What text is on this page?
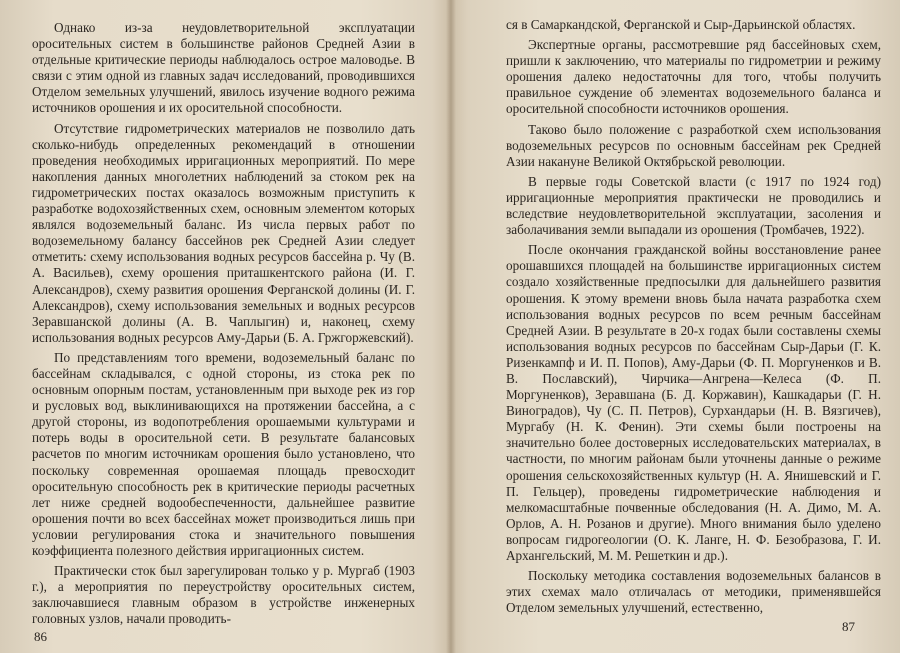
Однако из-за неудовлетворительной эксплуатации оросительных систем в большинстве районов Средней Азии в отдельные критические периоды наблюдалось острое маловодье. В связи с этим одной из главных задач исследований, проводившихся Отделом земельных улучшений, явилось изучение водного режима источников орошения и их оросительной способности.

Отсутствие гидрометрических материалов не позволило дать сколько-нибудь определенных рекомендаций в отношении проведения необходимых ирригационных мероприятий. По мере накопления данных многолетних наблюдений за стоком рек на гидрометрических постах оказалось возможным приступить к разработке водохозяйственных схем, основным элементом которых являлся водоземельный баланс. Из числа первых работ по водоземельному балансу бассейнов рек Средней Азии следует отметить: схему использования водных ресурсов бассейна р. Чу (В. А. Васильев), схему орошения приташкентского района (И. Г. Александров), схему развития орошения Ферганской долины (И. Г. Александров), схему использования земельных и водных ресурсов Зеравшанской долины (А. В. Чаплыгин) и, наконец, схему использования водных ресурсов Аму-Дарьи (Б. А. Гржгоржевский).

По представлениям того времени, водоземельный баланс по бассейнам складывался, с одной стороны, из стока рек по основным опорным постам, установленным при выходе рек из гор и русловых вод, выклинивающихся на протяжении бассейна, а с другой стороны, из водопотребления орошаемыми культурами и потерь воды в оросительной сети. В результате балансовых расчетов по многим источникам орошения было установлено, что поскольку современная орошаемая площадь превосходит оросительную способность рек в критические периоды расчетных лет ниже средней водообеспеченности, дальнейшее развитие орошения почти во всех бассейнах может производиться лишь при условии регулирования стока и значительного повышения коэффициента полезного действия ирригационных систем.

Практически сток был зарегулирован только у р. Мургаб (1903 г.), а мероприятия по переустройству оросительных систем, заключавшиеся главным образом в устройстве инженерных головных узлов, начали проводить-

86

ся в Самаркандской, Ферганской и Сыр-Дарьинской областях.

Экспертные органы, рассмотревшие ряд бассейновых схем, пришли к заключению, что материалы по гидрометрии и режиму орошения далеко недостаточны для того, чтобы получить правильное суждение об элементах водоземельного баланса и оросительной способности источников орошения.

Таково было положение с разработкой схем использования водоземельных ресурсов по основным бассейнам рек Средней Азии накануне Великой Октябрьской революции.

В первые годы Советской власти (с 1917 по 1924 год) ирригационные мероприятия практически не проводились и вследствие неудовлетворительной эксплуатации, засоления и заболачивания земли выпадали из орошения (Тромбачев, 1922).

После окончания гражданской войны восстановление ранее орошавшихся площадей на большинстве ирригационных систем создало хозяйственные предпосылки для дальнейшего развития орошения. К этому времени вновь была начата разработка схем использования водных ресурсов по всем речным бассейнам Средней Азии. В результате в 20-х годах были составлены схемы использования водных ресурсов по бассейнам Сыр-Дарьи (Г. К. Ризенкампф и И. П. Попов), Аму-Дарьи (Ф. П. Моргуненков и В. В. Пославский), Чирчика—Ангрена—Келеса (Ф. П. Моргуненков), Зеравшана (Б. Д. Коржавин), Кашкадарьи (Г. Н. Виноградов), Чу (С. П. Петров), Сурхандарьи (Н. В. Вязгичев), Мургабу (Н. К. Фенин). Эти схемы были построены на значительно более достоверных исследовательских материалах, в частности, по многим районам были уточнены данные о режиме орошения сельскохозяйственных культур (Н. А. Янишевский и Г. П. Гельцер), проведены гидрометрические наблюдения и мелкомасштабные почвенные обследования (Н. А. Димо, М. А. Орлов, А. Н. Розанов и другие). Много внимания было уделено вопросам гидрогеологии (О. К. Ланге, Н. Ф. Безобразова, Г. И. Архангельский, М. М. Решеткин и др.).

Поскольку методика составления водоземельных балансов в этих схемах мало отличалась от методики, применявшейся Отделом земельных улучшений, естественно,

87
